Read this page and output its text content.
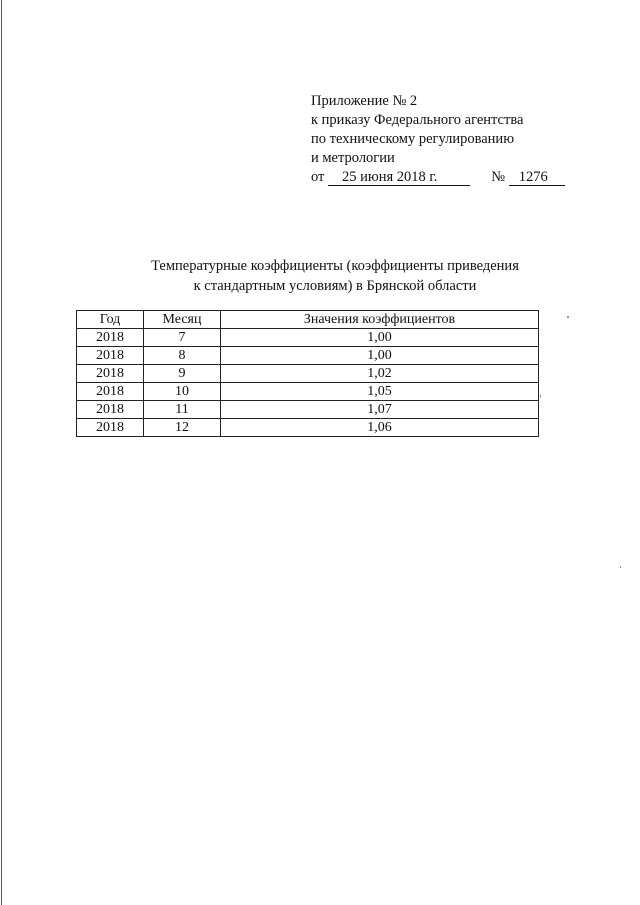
Приложение № 2
к приказу Федерального агентства
по техническому регулированию
и метрологии
от 25 июня 2018 г.	№ 1276
Температурные коэффициенты (коэффициенты приведения
к стандартным условиям) в Брянской области
Год	Месяц	Значения коэффициентов
2018	7	1,00
2018	8	1,00
2018	9	1,02
2018	10	1,05
2018	11	1,07
2018	12	1,06
